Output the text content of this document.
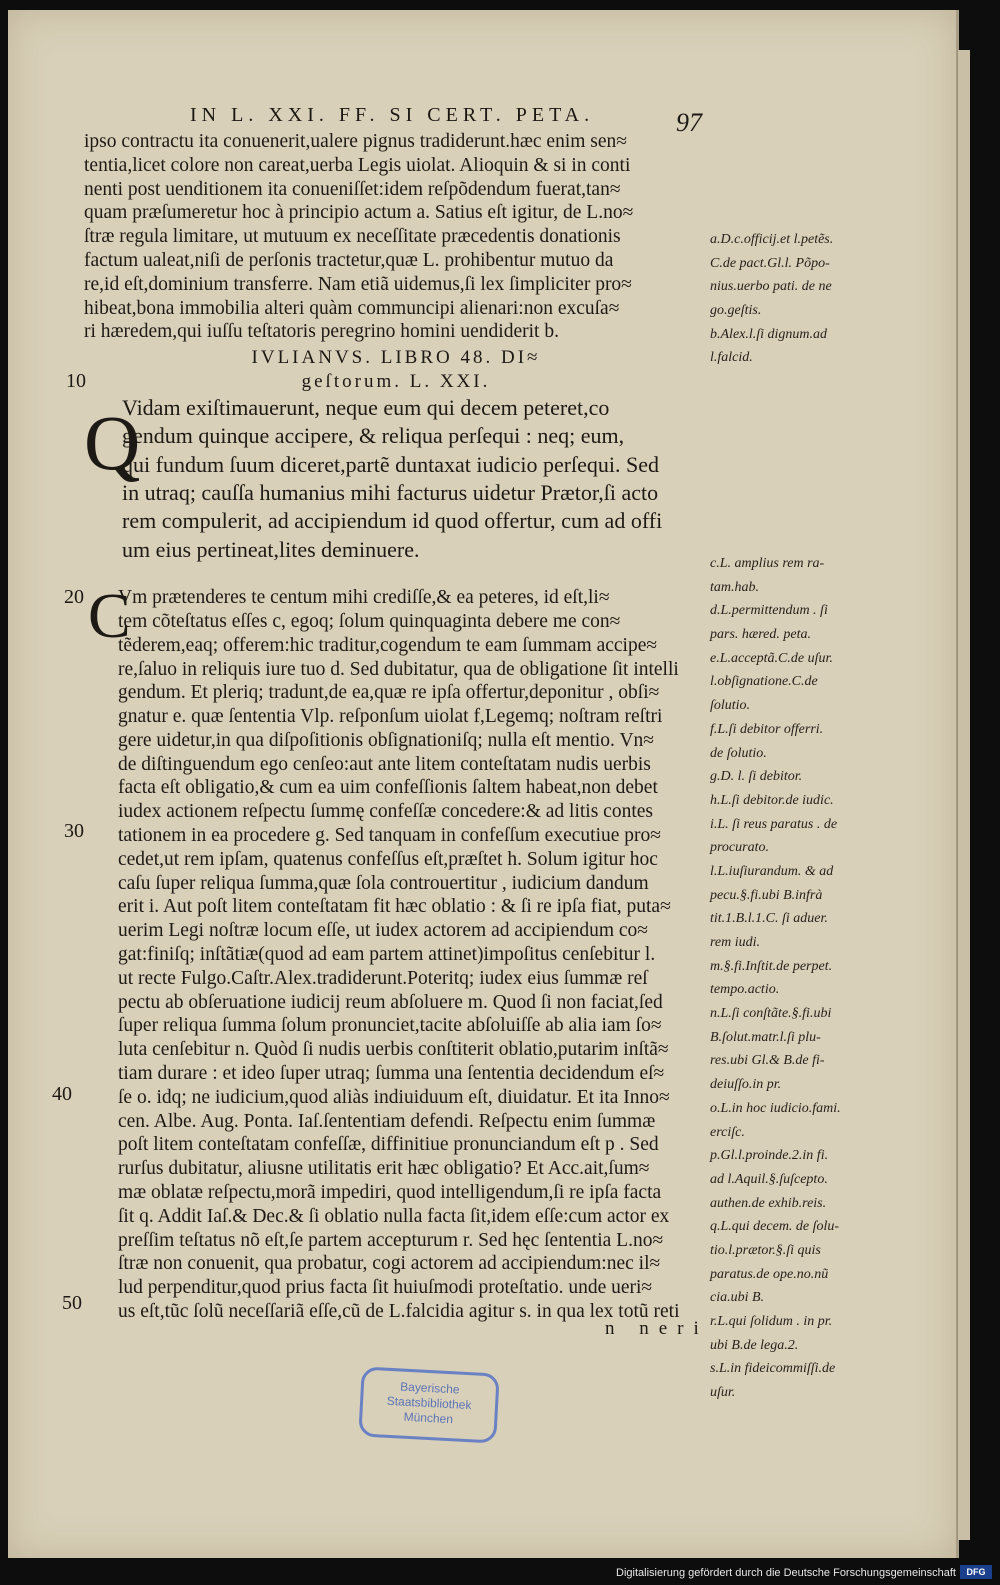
IN L. XXI. FF. SI CERT. PETA.	97
ipso contractu ita conuenerit,ualere pignus tradiderunt.hæc enim sen≈
tentia,licet colore non careat,uerba Legis uiolat. Alioquin & si in conti
nenti post uenditionem ita conueniſſet:idem reſpõdendum fuerat,tan≈
quam præſumeretur hoc à principio actum a. Satius eſt igitur, de L.no≈
ſtræ regula limitare, ut mutuum ex neceſſitate præcedentis donationis
factum ualeat,niſi de perſonis tractetur,quæ L. prohibentur mutuo da
re,id eſt,dominium transferre. Nam etiã uidemus,ſi lex ſimpliciter pro≈
hibeat,bona immobilia alteri quàm communcipi alienari:non excuſa≈
ri hæredem,qui iuſſu teſtatoris peregrino homini uendiderit b.
IVLIANVS. LIBRO 48. DI≈
geſtorum. L. XXI.
Vidam exiſtimauerunt, neque eum qui decem peteret,co
gendum quinque accipere, & reliqua perſequi : neq; eum,
qui fundum ſuum diceret,partẽ duntaxat iudicio perſequi. Sed
in utraq; cauſſa humanius mihi facturus uidetur Prætor,ſi acto
rem compulerit, ad accipiendum id quod offertur, cum ad offi
um eius pertineat,lites deminuere.
Vm prætenderes te centum mihi crediſſe,& ea peteres, id eſt,li≈
tem cõteſtatus eſſes c, egoq; ſolum quinquaginta debere me con≈
tẽderem,eaq; offerem:hic traditur,cogendum te eam ſummam accipe≈
re,ſaluo in reliquis iure tuo d. Sed dubitatur, qua de obligatione ſit intelli
gendum. Et pleriq; tradunt,de ea,quæ re ipſa offertur,deponitur , obſi≈
gnatur e. quæ ſententia Vlp. reſponſum uiolat f,Legemq; noſtram reſtri
gere uidetur,in qua diſpoſitionis obſignationiſq; nulla eſt mentio. Vn≈
de diſtinguendum ego cenſeo:aut ante litem conteſtatam nudis uerbis
facta eſt obligatio,& cum ea uim confeſſionis ſaltem habeat,non debet
iudex actionem reſpectu ſummę confeſſæ concedere:& ad litis contes
tationem in ea procedere g. Sed tanquam in confeſſum executiue pro≈
cedet,ut rem ipſam, quatenus confeſſus eſt,præſtet h. Solum igitur hoc
caſu ſuper reliqua ſumma,quæ ſola controuertitur , iudicium dandum
erit i. Aut poſt litem conteſtatam fit hæc oblatio : & ſi re ipſa fiat, puta≈
uerim Legi noſtræ locum eſſe, ut iudex actorem ad accipiendum co≈
gat:finiſq; inſtãtiæ(quod ad eam partem attinet)impoſitus cenſebitur l.
ut recte Fulgo.Caſtr.Alex.tradiderunt.Poteritq; iudex eius ſummæ reſ
pectu ab obſeruatione iudicij reum abſoluere m. Quod ſi non faciat,ſed
ſuper reliqua ſumma ſolum pronunciet,tacite abſoluiſſe ab alia iam ſo≈
luta cenſebitur n. Quòd ſi nudis uerbis conſtiterit oblatio,putarim inſtã≈
tiam durare : et ideo ſuper utraq; ſumma una ſententia decidendum eſ≈
ſe o. idq; ne iudicium,quod aliàs indiuiduum eſt, diuidatur. Et ita Inno≈
cen. Albe. Aug. Ponta. Iaſ.ſententiam defendi. Reſpectu enim ſummæ
poſt litem conteſtatam confeſſæ, diffinitiue pronunciandum eſt p . Sed
rurſus dubitatur, aliusne utilitatis erit hæc obligatio? Et Acc.ait,ſum≈
mæ oblatæ reſpectu,morã impediri, quod intelligendum,ſi re ipſa facta
ſit q. Addit Iaſ.& Dec.& ſi oblatio nulla facta ſit,idem eſſe:cum actor ex
preſſim teſtatus nõ eſt,ſe partem accepturum r. Sed hęc ſententia L.no≈
ſtræ non conuenit, qua probatur, cogi actorem ad accipiendum:nec il≈
lud perpenditur,quod prius facta ſit huiuſmodi proteſtatio. unde ueri≈
us eſt,tũc ſolũ neceſſariã eſſe,cũ de L.falcidia agitur s. in qua lex totũ reti
Q
C
a.D.c.officij.et l.petẽs.
C.de pact.Gl.l. Põpo-
nius.uerbo pati. de ne
go.geſtis.
b.Alex.l.ſi dignum.ad
l.falcid.
c.L. amplius rem ra-
tam.hab.
d.L.permittendum . ſi
pars. hæred. peta.
e.L.acceptã.C.de uſur.
l.obſignatione.C.de
ſolutio.
f.L.ſi debitor offerri.
de ſolutio.
g.D. l. ſi debitor.
h.L.ſi debitor.de iudic.
i.L. ſi reus paratus . de
procurato.
l.L.iuſiurandum. & ad
pecu.§.fi.ubi B.infrà
tit.1.B.l.1.C. ſi aduer.
rem iudi.
m.§.fi.Inſtit.de perpet.
tempo.actio.
n.L.ſi conſtãte.§.fi.ubi
B.ſolut.matr.l.ſi plu-
res.ubi Gl.& B.de fi-
deiuſſo.in pr.
o.L.in hoc iudicio.fami.
erciſc.
p.Gl.l.proinde.2.in fi.
ad l.Aquil.§.ſuſcepto.
authen.de exhib.reis.
q.L.qui decem. de ſolu-
tio.l.prætor.§.ſi quis
paratus.de ope.no.nũ
cia.ubi B.
r.L.qui ſolidum . in pr.
ubi B.de lega.2.
s.L.in fideicommiſſi.de
uſur.
10
20
30
40
50
n neri
Bayerische
Staatsbibliothek
München
Digitalisierung gefördert durch die Deutsche Forschungsgemeinschaft	DFG
